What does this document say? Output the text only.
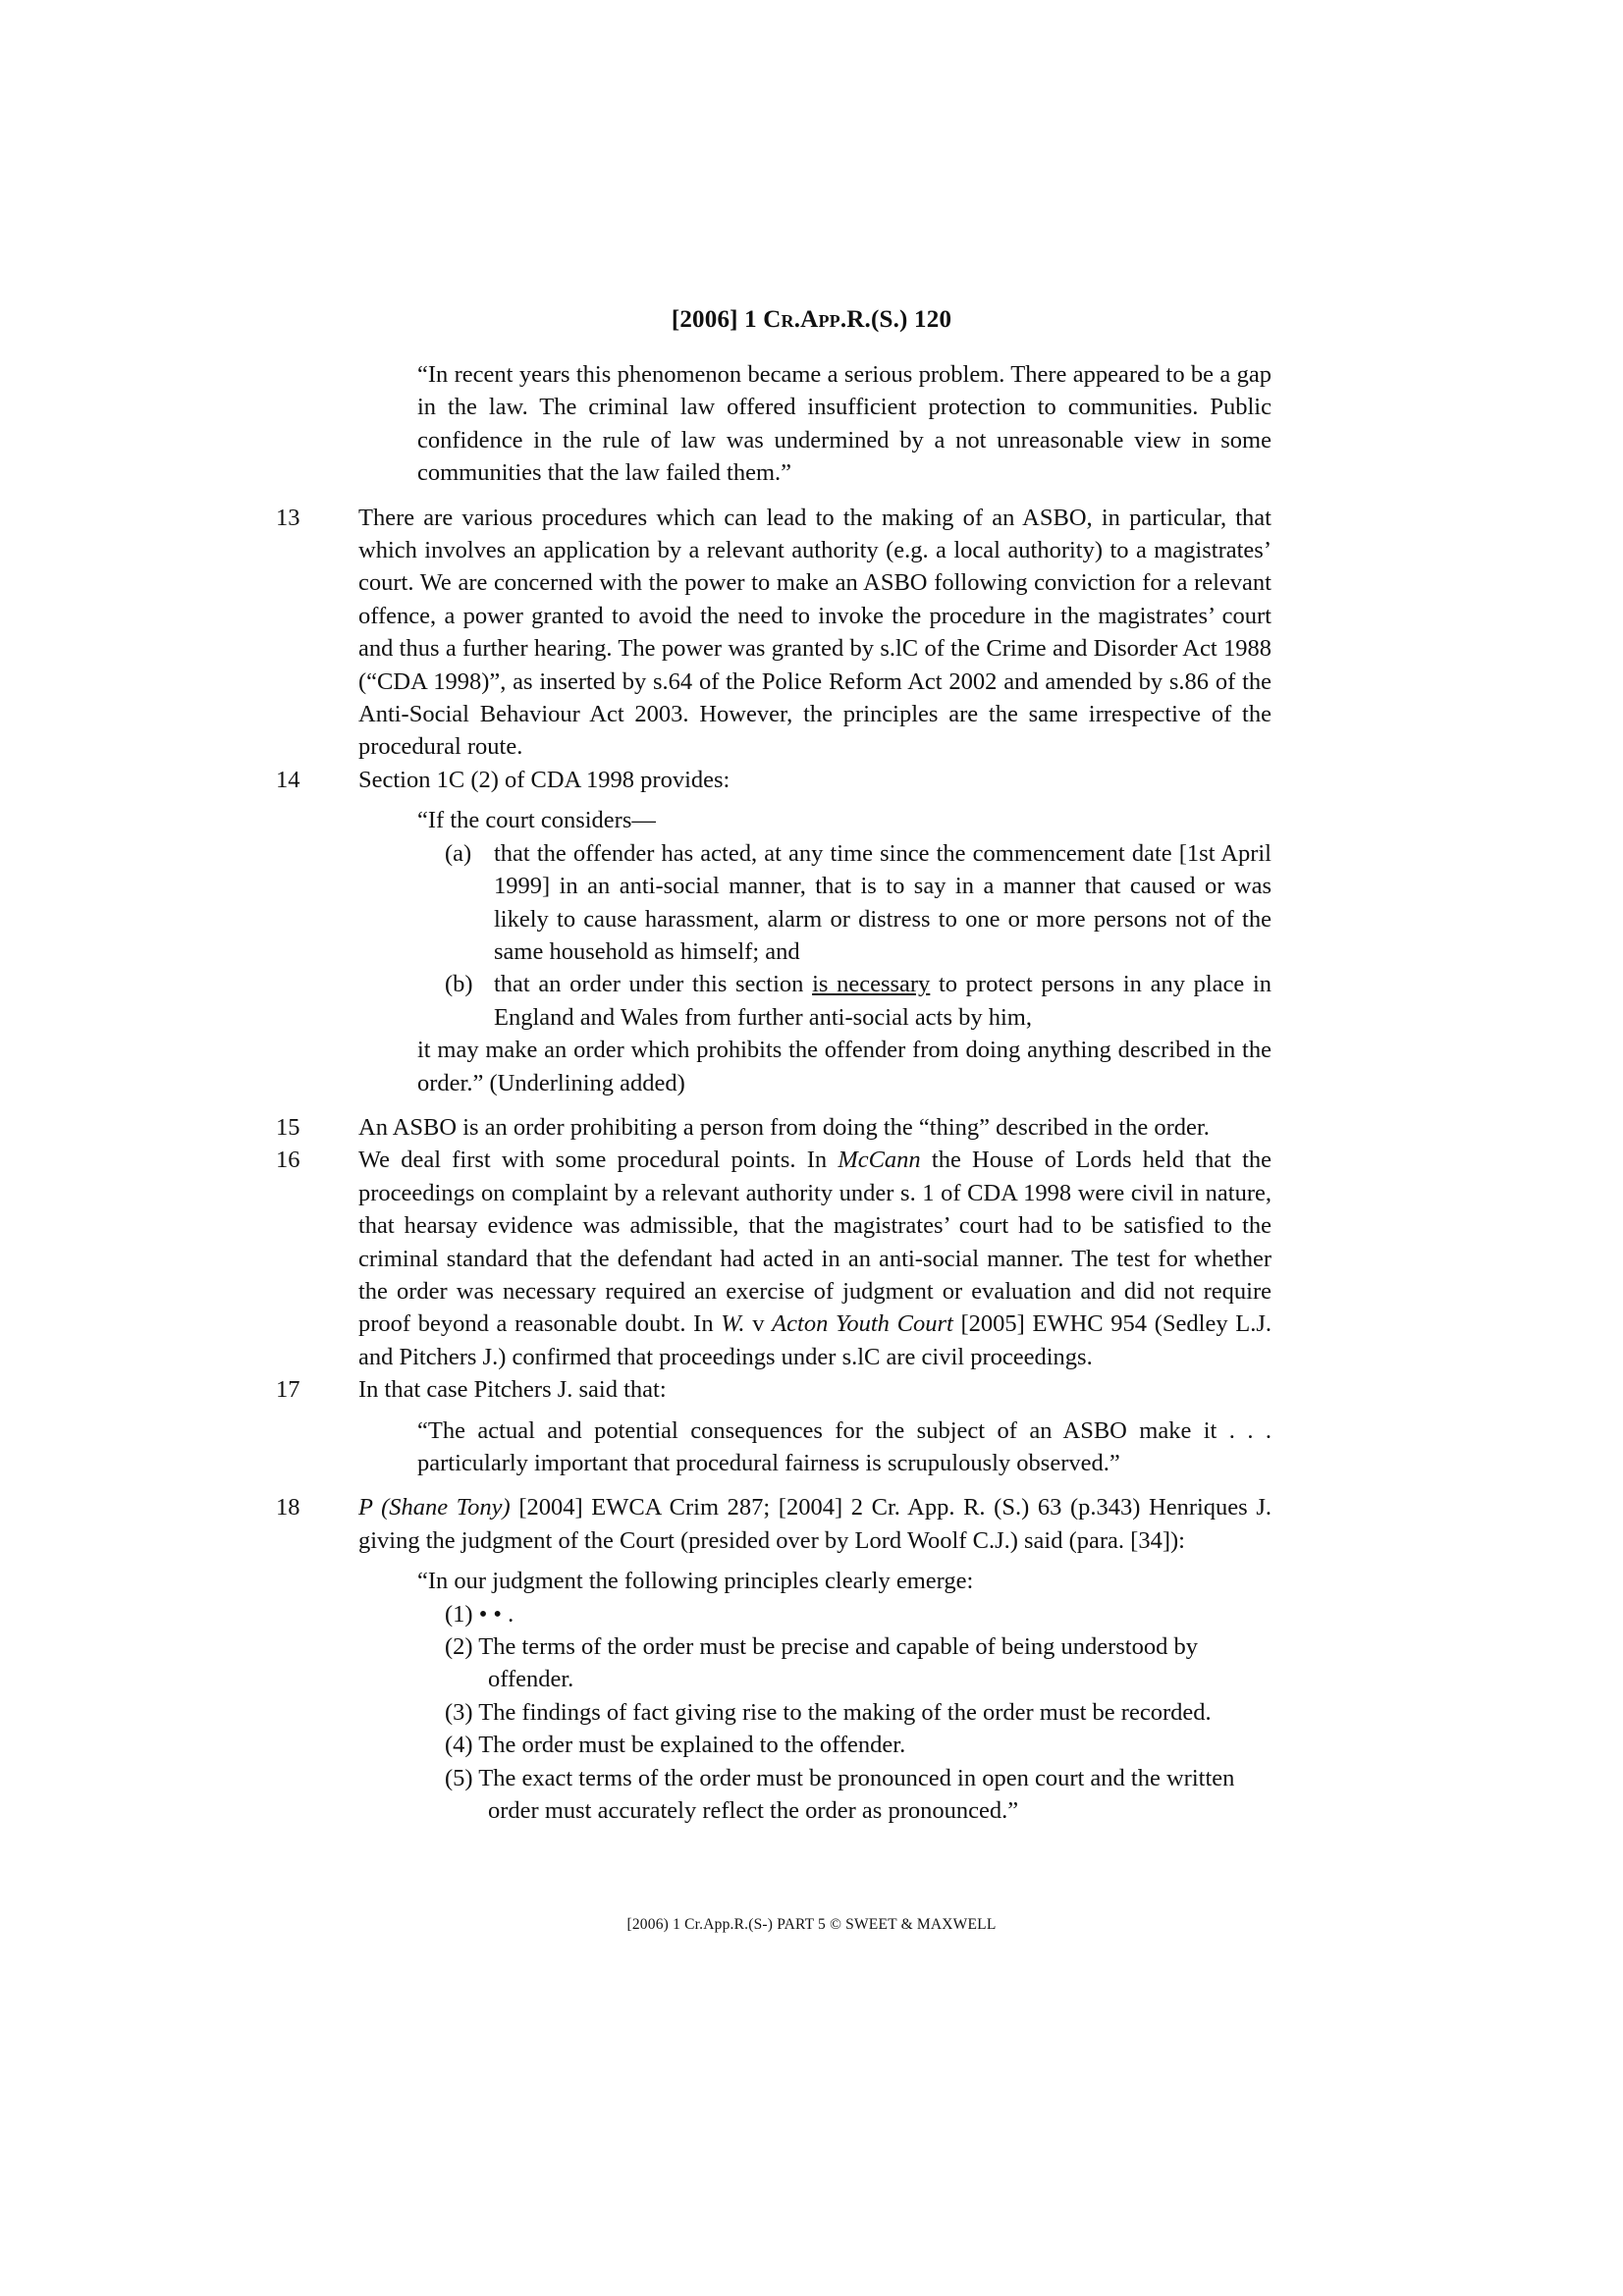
[2006] 1 Cr.App.R.(S.) 120
“In recent years this phenomenon became a serious problem. There appeared to be a gap in the law. The criminal law offered insufficient protection to communities. Public confidence in the rule of law was undermined by a not unreasonable view in some communities that the law failed them.”
13 There are various procedures which can lead to the making of an ASBO, in particular, that which involves an application by a relevant authority (e.g. a local authority) to a magistrates’ court. We are concerned with the power to make an ASBO following conviction for a relevant offence, a power granted to avoid the need to invoke the procedure in the magistrates’ court and thus a further hearing. The power was granted by s.lC of the Crime and Disorder Act 1988 (“CDA 1998)”, as inserted by s.64 of the Police Reform Act 2002 and amended by s.86 of the Anti-Social Behaviour Act 2003. However, the principles are the same irrespective of the procedural route.
14 Section 1C (2) of CDA 1998 provides:
“If the court considers—
(a) that the offender has acted, at any time since the commencement date [1st April 1999] in an anti-social manner, that is to say in a manner that caused or was likely to cause harassment, alarm or distress to one or more persons not of the same household as himself; and
(b) that an order under this section is necessary to protect persons in any place in England and Wales from further anti-social acts by him,
it may make an order which prohibits the offender from doing anything described in the order.” (Underlining added)
15 An ASBO is an order prohibiting a person from doing the “thing” described in the order.
16 We deal first with some procedural points. In McCann the House of Lords held that the proceedings on complaint by a relevant authority under s. 1 of CDA 1998 were civil in nature, that hearsay evidence was admissible, that the magistrates’ court had to be satisfied to the criminal standard that the defendant had acted in an anti-social manner. The test for whether the order was necessary required an exercise of judgment or evaluation and did not require proof beyond a reasonable doubt. In W. v Acton Youth Court [2005] EWHC 954 (Sedley L.J. and Pitchers J.) confirmed that proceedings under s.lC are civil proceedings.
17 In that case Pitchers J. said that:
“The actual and potential consequences for the subject of an ASBO make it . . . particularly important that procedural fairness is scrupulously observed.”
18 P (Shane Tony) [2004] EWCA Crim 287; [2004] 2 Cr. App. R. (S.) 63 (p.343) Henriques J. giving the judgment of the Court (presided over by Lord Woolf C.J.) said (para. [34]):
“In our judgment the following principles clearly emerge:
(1) • • .
(2) The terms of the order must be precise and capable of being understood by offender.
(3) The findings of fact giving rise to the making of the order must be recorded.
(4) The order must be explained to the offender.
(5) The exact terms of the order must be pronounced in open court and the written order must accurately reflect the order as pronounced.”
[2006) 1 Cr.App.R.(S-) PART 5 © SWEET & MAXWELL
